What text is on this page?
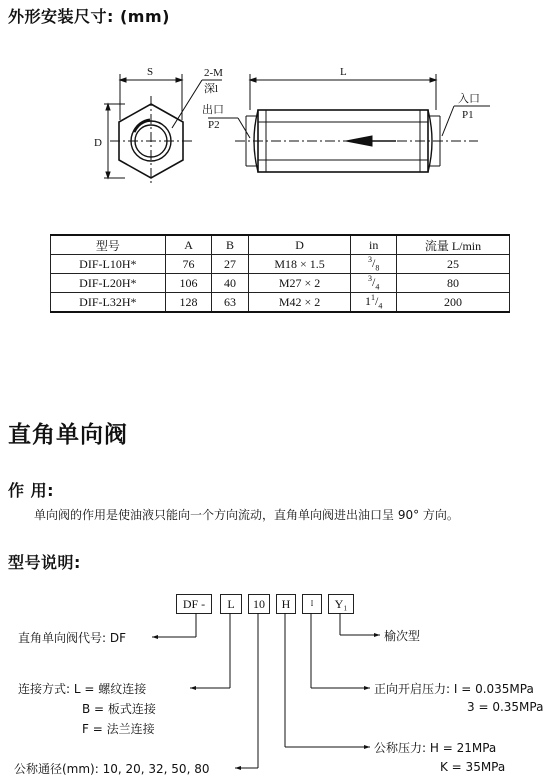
外形安装尺寸: (mm)
S	L
D
2-M
深l
出口
P2
入口
P1
型号	A	B	D	in	流量 L/min
DIF-L10H*	76	27	M18 × 1.5	$^3/_8$	25
DIF-L20H*	106	40	M27 × 2	$^3/_4$	80
DIF-L32H*	128	63	M42 × 2	$1^1/_4$	200
直角单向阀
作 用:
单向阀的作用是使油液只能向一个方向流动，直角单向阀进出油口呈 90° 方向。
型号说明:
DF -	L	10	H	Ⅰ	Y₁
直角单向阀代号: DF
连接方式: L = 螺纹连接
B = 板式连接
F = 法兰连接
公称通径(mm): 10, 20, 32, 50, 80
榆次型
正向开启压力: I = 0.035MPa
3 = 0.35MPa
公称压力: H = 21MPa
K = 35MPa
